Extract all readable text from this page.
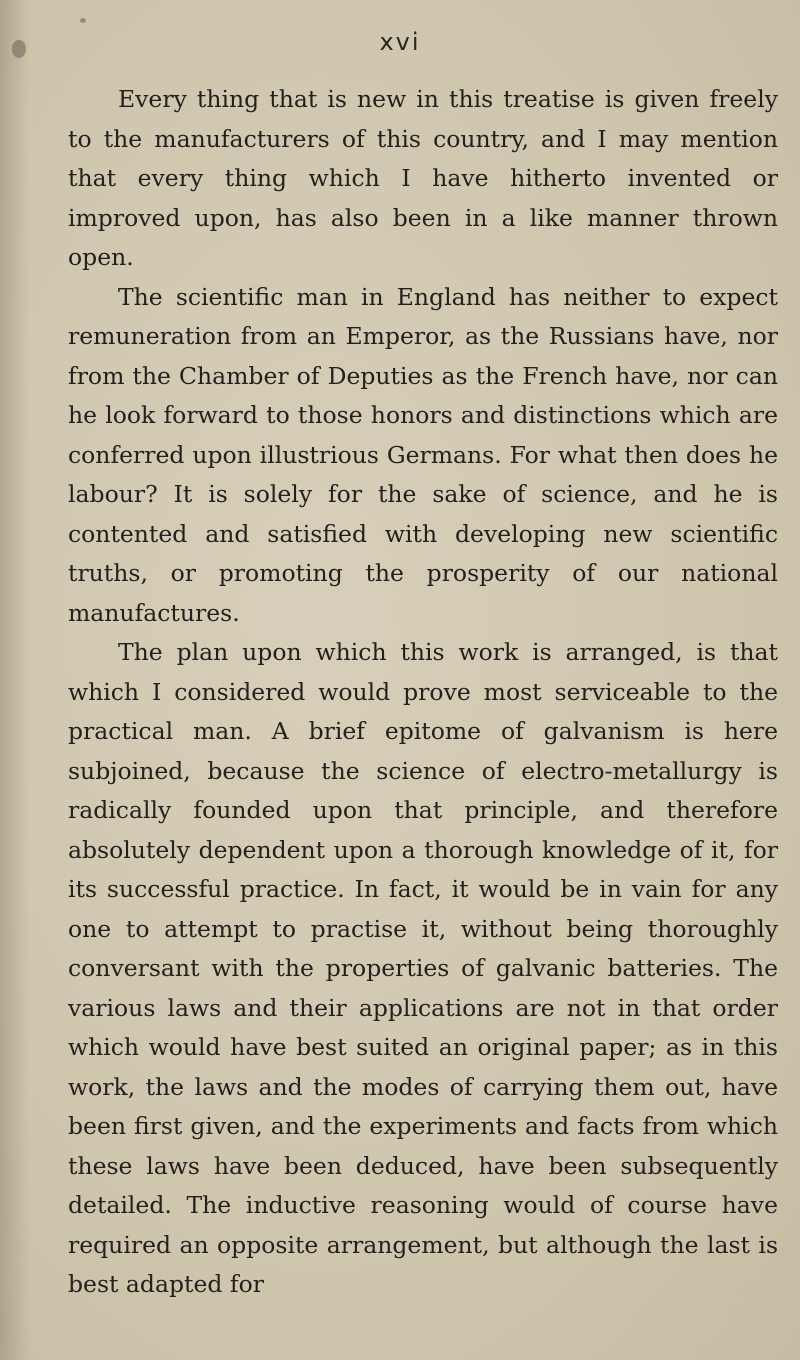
xvi

Every thing that is new in this treatise is given freely to the manufacturers of this country, and I may mention that every thing which I have hitherto invented or improved upon, has also been in a like manner thrown open.

The scientific man in England has neither to expect remuneration from an Emperor, as the Russians have, nor from the Chamber of Deputies as the French have, nor can he look forward to those honors and distinctions which are conferred upon illustrious Germans. For what then does he labour? It is solely for the sake of science, and he is contented and satisfied with developing new scientific truths, or promoting the prosperity of our national manufactures.

The plan upon which this work is arranged, is that which I considered would prove most serviceable to the practical man. A brief epitome of galvanism is here subjoined, because the science of electro-metallurgy is radically founded upon that principle, and therefore absolutely dependent upon a thorough knowledge of it, for its successful practice. In fact, it would be in vain for any one to attempt to practise it, without being thoroughly conversant with the properties of galvanic batteries. The various laws and their applications are not in that order which would have best suited an original paper; as in this work, the laws and the modes of carrying them out, have been first given, and the experiments and facts from which these laws have been deduced, have been subsequently detailed. The inductive reasoning would of course have required an opposite arrangement, but although the last is best adapted for
